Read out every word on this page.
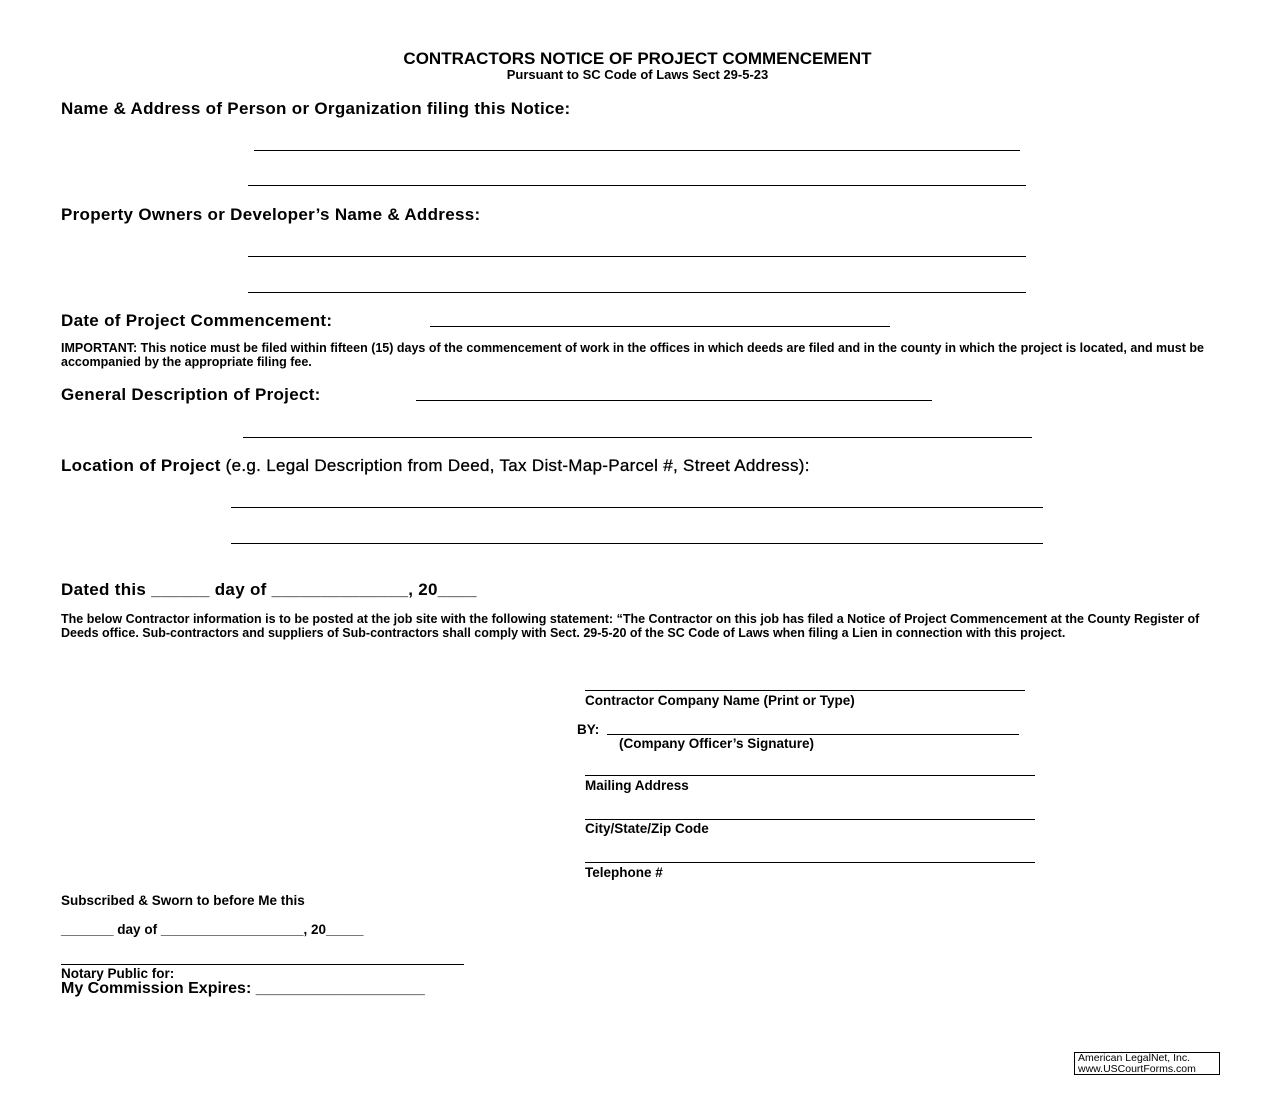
CONTRACTORS NOTICE OF PROJECT COMMENCEMENT
Pursuant to SC Code of Laws Sect 29-5-23
Name & Address of Person or Organization filing this Notice:
Property Owners or Developer’s Name & Address:
Date of Project Commencement:
IMPORTANT: This notice must be filed within fifteen (15) days of the commencement of work in the offices in which deeds are filed and in the county in which the project is located, and must be accompanied by the appropriate filing fee.
General Description of Project:
Location of Project (e.g. Legal Description from Deed, Tax Dist-Map-Parcel #, Street Address):
Dated this ______ day of ______________, 20____
The below Contractor information is to be posted at the job site with the following statement: “The Contractor on this job has filed a Notice of Project Commencement at the County Register of Deeds office. Sub-contractors and suppliers of Sub-contractors shall comply with Sect. 29-5-20 of the SC Code of Laws when filing a Lien in connection with this project.
Contractor Company Name (Print or Type)
BY:
(Company Officer’s Signature)
Mailing Address
City/State/Zip Code
Telephone #
Subscribed & Sworn to before Me this
_______ day of ___________________, 20_____
Notary Public for:
My Commission Expires: ___________________
American LegalNet, Inc.
www.USCourtForms.com
